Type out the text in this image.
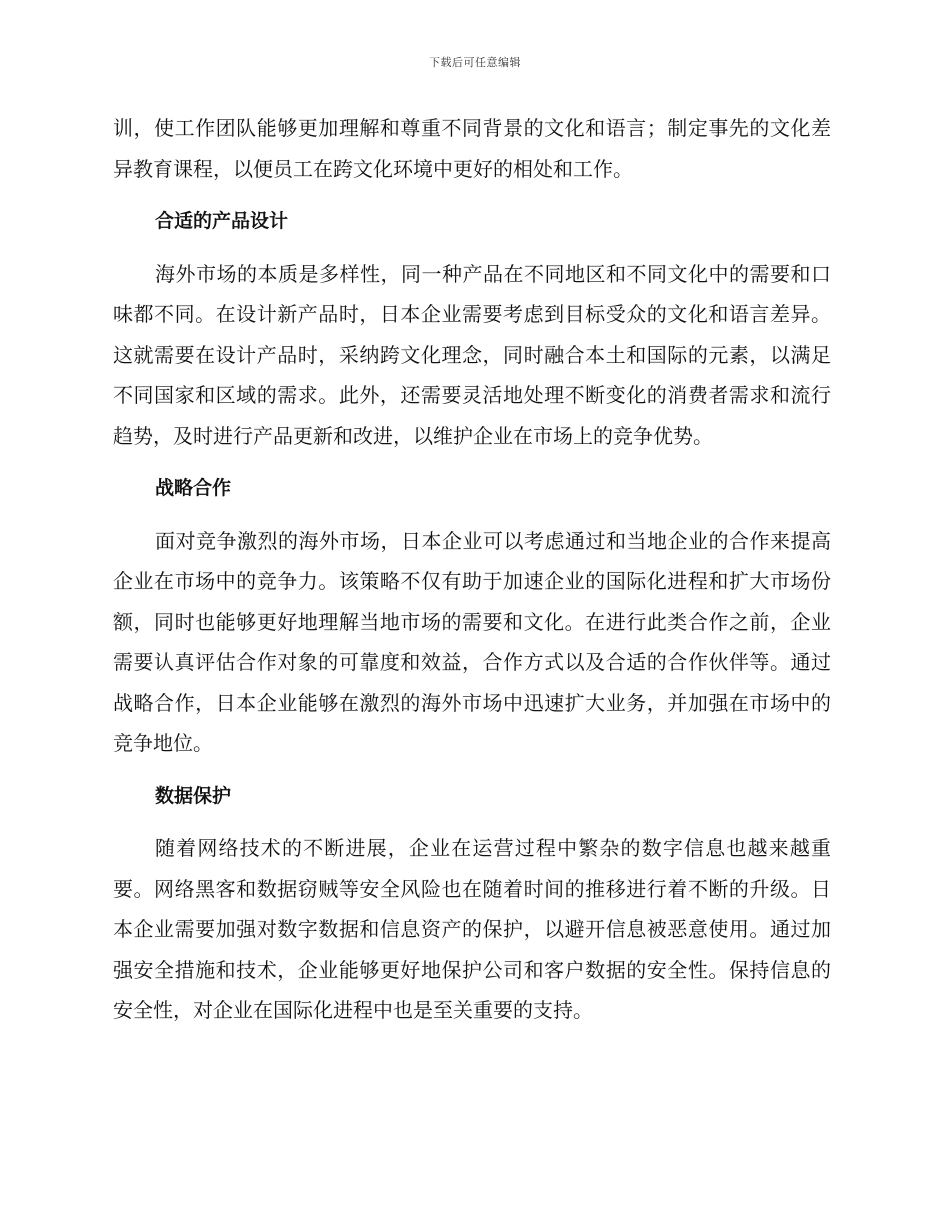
下载后可任意编辑

训，使工作团队能够更加理解和尊重不同背景的文化和语言；制定事先的文化差异教育课程，以便员工在跨文化环境中更好的相处和工作。

合适的产品设计

海外市场的本质是多样性，同一种产品在不同地区和不同文化中的需要和口味都不同。在设计新产品时，日本企业需要考虑到目标受众的文化和语言差异。这就需要在设计产品时，采纳跨文化理念，同时融合本土和国际的元素，以满足不同国家和区域的需求。此外，还需要灵活地处理不断变化的消费者需求和流行趋势，及时进行产品更新和改进，以维护企业在市场上的竞争优势。

战略合作

面对竞争激烈的海外市场，日本企业可以考虑通过和当地企业的合作来提高企业在市场中的竞争力。该策略不仅有助于加速企业的国际化进程和扩大市场份额，同时也能够更好地理解当地市场的需要和文化。在进行此类合作之前，企业需要认真评估合作对象的可靠度和效益，合作方式以及合适的合作伙伴等。通过战略合作，日本企业能够在激烈的海外市场中迅速扩大业务，并加强在市场中的竞争地位。

数据保护

随着网络技术的不断进展，企业在运营过程中繁杂的数字信息也越来越重要。网络黑客和数据窃贼等安全风险也在随着时间的推移进行着不断的升级。日本企业需要加强对数字数据和信息资产的保护，以避开信息被恶意使用。通过加强安全措施和技术，企业能够更好地保护公司和客户数据的安全性。保持信息的安全性，对企业在国际化进程中也是至关重要的支持。
